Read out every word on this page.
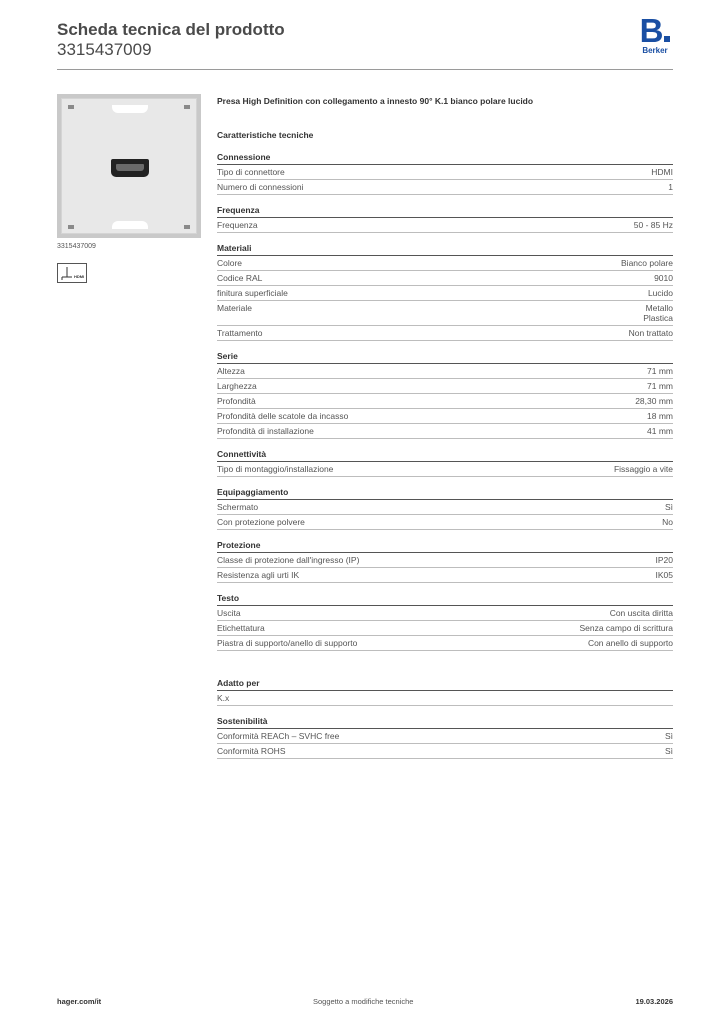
Scheda tecnica del prodotto
3315437009
B
Berker
3315437009
HDMI
Presa High Definition con collegamento a innesto 90° K.1 bianco polare lucido
Caratteristiche tecniche
Connessione
Tipo di connettore	HDMI
Numero di connessioni	1
Frequenza
Frequenza	50 - 85 Hz
Materiali
Colore	Bianco polare
Codice RAL	9010
finitura superficiale	Lucido
Materiale	Metallo
Plastica
Trattamento	Non trattato
Serie
Altezza	71 mm
Larghezza	71 mm
Profondità	28,30 mm
Profondità delle scatole da incasso	18 mm
Profondità di installazione	41 mm
Connettività
Tipo di montaggio/installazione	Fissaggio a vite
Equipaggiamento
Schermato	Sì
Con protezione polvere	No
Protezione
Classe di protezione dall'ingresso (IP)	IP20
Resistenza agli urti IK	IK05
Testo
Uscita	Con uscita diritta
Etichettatura	Senza campo di scrittura
Piastra di supporto/anello di supporto	Con anello di supporto
Adatto per
K.x
Sostenibilità
Conformità REACh – SVHC free	Sì
Conformità ROHS	Sì
hager.com/it	Soggetto a modifiche tecniche	19.03.2026
